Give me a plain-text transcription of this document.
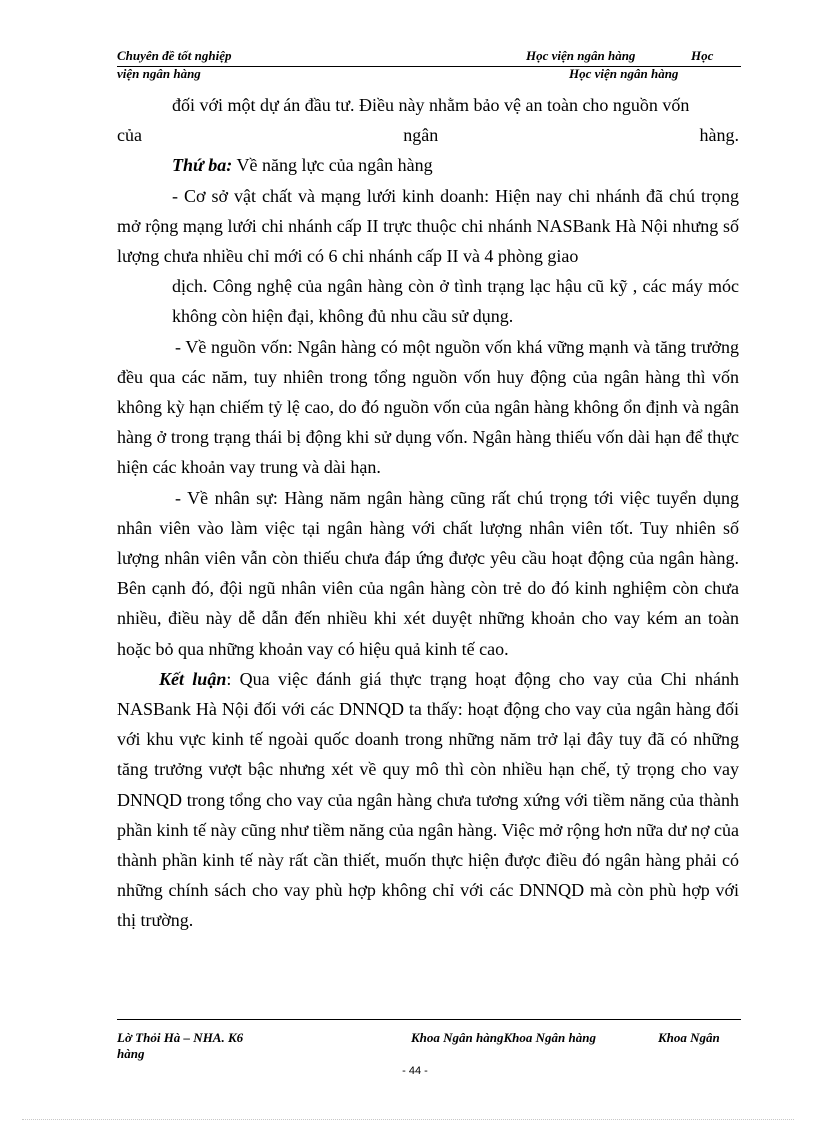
Chuyên đề tốt nghiệp	Học viện ngân hàng	Học
viện ngân hàng	Học viện ngân hàng

đối với một dự án đầu tư. Điều này nhằm bảo vệ an toàn cho nguồn vốn

của	ngân	hàng.

Thứ ba: Về năng lực của ngân hàng

- Cơ sở vật chất và mạng lưới kinh doanh: Hiện nay chi nhánh đã chú trọng mở rộng mạng lưới chi nhánh cấp II trực thuộc chi nhánh NASBank Hà Nội nhưng số lượng chưa nhiều chỉ mới có 6 chi nhánh cấp II và 4 phòng giao

dịch. Công nghệ của ngân hàng còn ở tình trạng lạc hậu cũ kỹ , các máy móc không còn hiện đại, không đủ nhu cầu sử dụng.

- Về nguồn vốn: Ngân hàng có một nguồn vốn khá vững mạnh và tăng trưởng đều qua các năm, tuy nhiên trong tổng nguồn vốn huy động của ngân hàng thì vốn không kỳ hạn chiếm tỷ lệ cao, do đó nguồn vốn của ngân hàng không ổn định và ngân hàng ở trong trạng thái bị động khi sử dụng vốn. Ngân hàng thiếu vốn dài hạn để thực hiện các khoản vay trung và dài hạn.

- Về nhân sự: Hàng năm ngân hàng cũng rất chú trọng tới việc tuyển dụng nhân viên vào làm việc tại ngân hàng với chất lượng nhân viên tốt. Tuy nhiên số lượng nhân viên vẫn còn thiếu chưa đáp ứng được yêu cầu hoạt động của ngân hàng. Bên cạnh đó, đội ngũ nhân viên của ngân hàng còn trẻ do đó kinh nghiệm còn chưa nhiều, điều này dễ dẫn đến nhiều khi xét duyệt những khoản cho vay kém an toàn hoặc bỏ qua những khoản vay có hiệu quả kinh tế cao.

Kết luận: Qua việc đánh giá thực trạng hoạt động cho vay của Chi nhánh NASBank Hà Nội đối với các DNNQD ta thấy: hoạt động cho vay của ngân hàng đối với khu vực kinh tế ngoài quốc doanh trong những năm trở lại đây tuy đã có những tăng trưởng vượt bậc nhưng xét về quy mô thì còn nhiều hạn chế, tỷ trọng cho vay DNNQD trong tổng cho vay của ngân hàng chưa tương xứng với tiềm năng của thành phần kinh tế này cũng như tiềm năng của ngân hàng. Việc mở rộng hơn nữa dư nợ của thành phần kinh tế này rất cần thiết, muốn thực hiện được điều đó ngân hàng phải có những chính sách cho vay phù hợp không chỉ với các DNNQD mà còn phù hợp với thị trường.

Lờ Thỏi Hà – NHA. K6	Khoa Ngân hàngKhoa Ngân hàng	Khoa Ngân
hàng
- 44 -
